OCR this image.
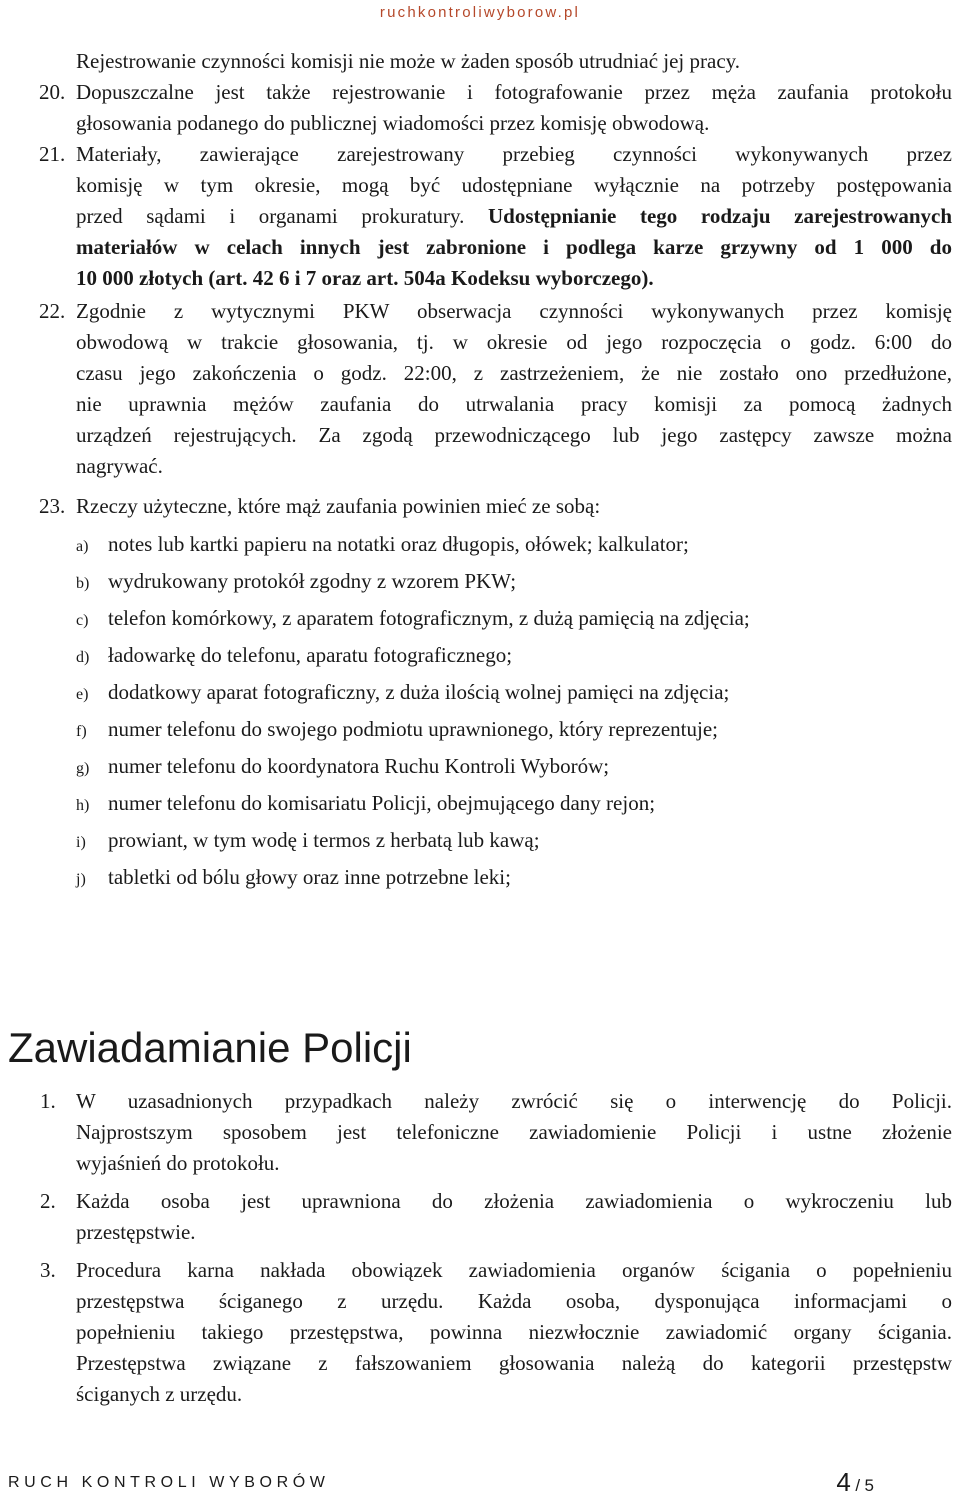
ruchkontroliwyborow.pl
Rejestrowanie czynności komisji nie może w żaden sposób utrudniać jej pracy.
20. Dopuszczalne jest także rejestrowanie i fotografowanie przez męża zaufania protokołu
głosowania podanego do publicznej wiadomości przez komisję obwodową.
21. Materiały, zawierające zarejestrowany przebieg czynności wykonywanych przez
komisję w tym okresie, mogą być udostępniane wyłącznie na potrzeby postępowania
przed sądami i organami prokuratury. Udostępnianie tego rodzaju zarejestrowanych
materiałów w celach innych jest zabronione i podlega karze grzywny od 1 000 do
10 000 złotych (art. 42 6 i 7 oraz art. 504a Kodeksu wyborczego).
22. Zgodnie z wytycznymi PKW obserwacja czynności wykonywanych przez komisję
obwodową w trakcie głosowania, tj. w okresie od jego rozpoczęcia o godz. 6:00 do
czasu jego zakończenia o godz. 22:00, z zastrzeżeniem, że nie zostało ono przedłużone,
nie uprawnia mężów zaufania do utrwalania pracy komisji za pomocą żadnych
urządzeń rejestrujących. Za zgodą przewodniczącego lub jego zastępcy zawsze można
nagrywać.
23. Rzeczy użyteczne, które mąż zaufania powinien mieć ze sobą:
a) notes lub kartki papieru na notatki oraz długopis, ołówek; kalkulator;
b) wydrukowany protokół zgodny z wzorem PKW;
c) telefon komórkowy, z aparatem fotograficznym, z dużą pamięcią na zdjęcia;
d) ładowarkę do telefonu, aparatu fotograficznego;
e) dodatkowy aparat fotograficzny, z duża ilością wolnej pamięci na zdjęcia;
f) numer telefonu do swojego podmiotu uprawnionego, który reprezentuje;
g) numer telefonu do koordynatora Ruchu Kontroli Wyborów;
h) numer telefonu do komisariatu Policji, obejmującego dany rejon;
i) prowiant, w tym wodę i termos z herbatą lub kawą;
j) tabletki od bólu głowy oraz inne potrzebne leki;
Zawiadamianie Policji
1. W uzasadnionych przypadkach należy zwrócić się o interwencję do Policji.
Najprostszym sposobem jest telefoniczne zawiadomienie Policji i ustne złożenie
wyjaśnień do protokołu.
2. Każda osoba jest uprawniona do złożenia zawiadomienia o wykroczeniu lub
przestępstwie.
3. Procedura karna nakłada obowiązek zawiadomienia organów ścigania o popełnieniu
przestępstwa ściganego z urzędu. Każda osoba, dysponująca informacjami o
popełnieniu takiego przestępstwa, powinna niezwłocznie zawiadomić organy ścigania.
Przestępstwa związane z fałszowaniem głosowania należą do kategorii przestępstw
ściganych z urzędu.
RUCH KONTROLI WYBORÓW	4 / 5
